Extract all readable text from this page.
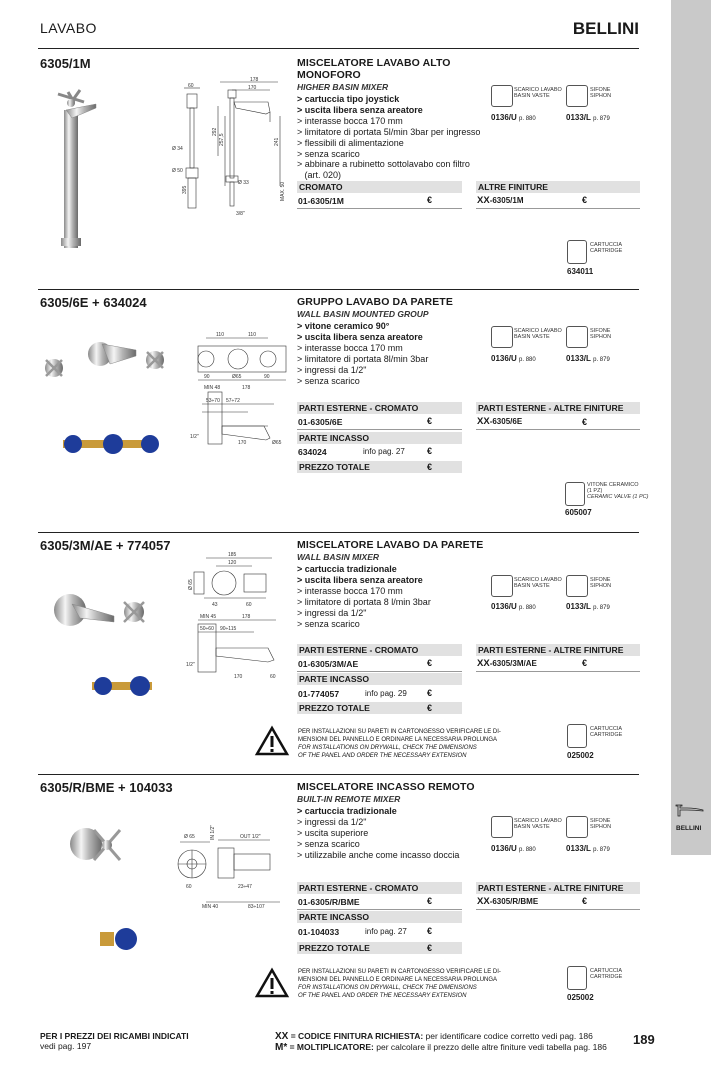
BELLINI
LAVABO	BELLINI
6305/1M	MISCELATORE LAVABO ALTO MONOFORO
HIGHER BASIN MIXER
> cartuccia tipo joystick
> uscita libera senza areatore
> interasse bocca 170 mm
> limitatore di portata 5l/min 3bar per ingresso
> flessibili di alimentazione
> senza scarico
> abbinare a rubinetto sottolavabo con filtro
(art. 020)
178
170
60
292
257,5	241
Ø 34
Ø 50
395
Ø 33	MAX. 50
3/8"
SCARICO LAVABO
BASIN VASTE
SIFONE
SIPHON
0136/U p. 880	0133/L p. 879
CROMATO	ALTRE FINITURE
01-6305/1M	€	XX-6305/1M	€
CARTUCCIA
CARTRIDGE
634011
6305/6E + 634024	GRUPPO LAVABO DA PARETE
WALL BASIN MOUNTED GROUP
> vitone ceramico 90°
> uscita libera senza areatore
> interasse bocca 170 mm
> limitatore di portata 8l/min 3bar
> ingressi da 1/2"
> senza scarico
110	110
90	Ø65	90
MIN 48	178
53÷70 57÷72
1/2"
170	Ø65
SCARICO LAVABO
BASIN VASTE
SIFONE
SIPHON
0136/U p. 880	0133/L p. 879
PARTI ESTERNE - CROMATO	PARTI ESTERNE - ALTRE FINITURE
01-6305/6E	€	XX-6305/6E	€
PARTE INCASSO
634024	info pag. 27 €
PREZZO TOTALE	€
VITONE CERAMICO
(1 PZ)
CERAMIC VALVE (1 PC)
605007
6305/3M/AE + 774057	MISCELATORE LAVABO DA PARETE
WALL BASIN MIXER
> cartuccia tradizionale
> uscita libera senza areatore
> interasse bocca 170 mm
> limitatore di portata 8 l/min 3bar
> ingressi da 1/2"
> senza scarico
185
120
Ø 65
43	60
MIN 45	178
50÷60 90÷115
1/2"
170	60
SCARICO LAVABO
BASIN VASTE
SIFONE
SIPHON
0136/U p. 880	0133/L p. 879
PARTI ESTERNE - CROMATO	PARTI ESTERNE - ALTRE FINITURE
01-6305/3M/AE	€	XX-6305/3M/AE	€
PARTE INCASSO
01-774057	info pag. 29 €
PREZZO TOTALE	€
PER INSTALLAZIONI SU PARETI IN CARTONGESSO VERIFICARE LE DI-
MENSIONI DEL PANNELLO E ORDINARE LA NECESSARIA PROLUNGA
FOR INSTALLATIONS ON DRYWALL, CHECK THE DIMENSIONS
OF THE PANEL AND ORDER THE NECESSARY EXTENSION
CARTUCCIA
CARTRIDGE
025002
6305/R/BME + 104033	MISCELATORE INCASSO REMOTO
BUILT-IN REMOTE MIXER
> cartuccia tradizionale
> ingressi da 1/2"
> uscita superiore
> senza scarico
> utilizzabile anche come incasso doccia
IN 1/2"	OUT 1/2"
Ø 65
60	23÷47
MIN 40	83÷107
SCARICO LAVABO
BASIN VASTE
SIFONE
SIPHON
0136/U p. 880	0133/L p. 879
PARTI ESTERNE - CROMATO	PARTI ESTERNE - ALTRE FINITURE
01-6305/R/BME	€	XX-6305/R/BME	€
PARTE INCASSO
01-104033	info pag. 27 €
PREZZO TOTALE	€
PER INSTALLAZIONI SU PARETI IN CARTONGESSO VERIFICARE LE DI-
MENSIONI DEL PANNELLO E ORDINARE LA NECESSARIA PROLUNGA
FOR INSTALLATIONS ON DRYWALL, CHECK THE DIMENSIONS
OF THE PANEL AND ORDER THE NECESSARY EXTENSION
CARTUCCIA
CARTRIDGE
025002
PER I PREZZI DEI RICAMBI INDICATI
vedi pag. 197
XX = CODICE FINITURA RICHIESTA: per identificare codice corretto vedi pag. 186
M* = MOLTIPLICATORE: per calcolare il prezzo delle altre finiture vedi tabella pag. 186 189
